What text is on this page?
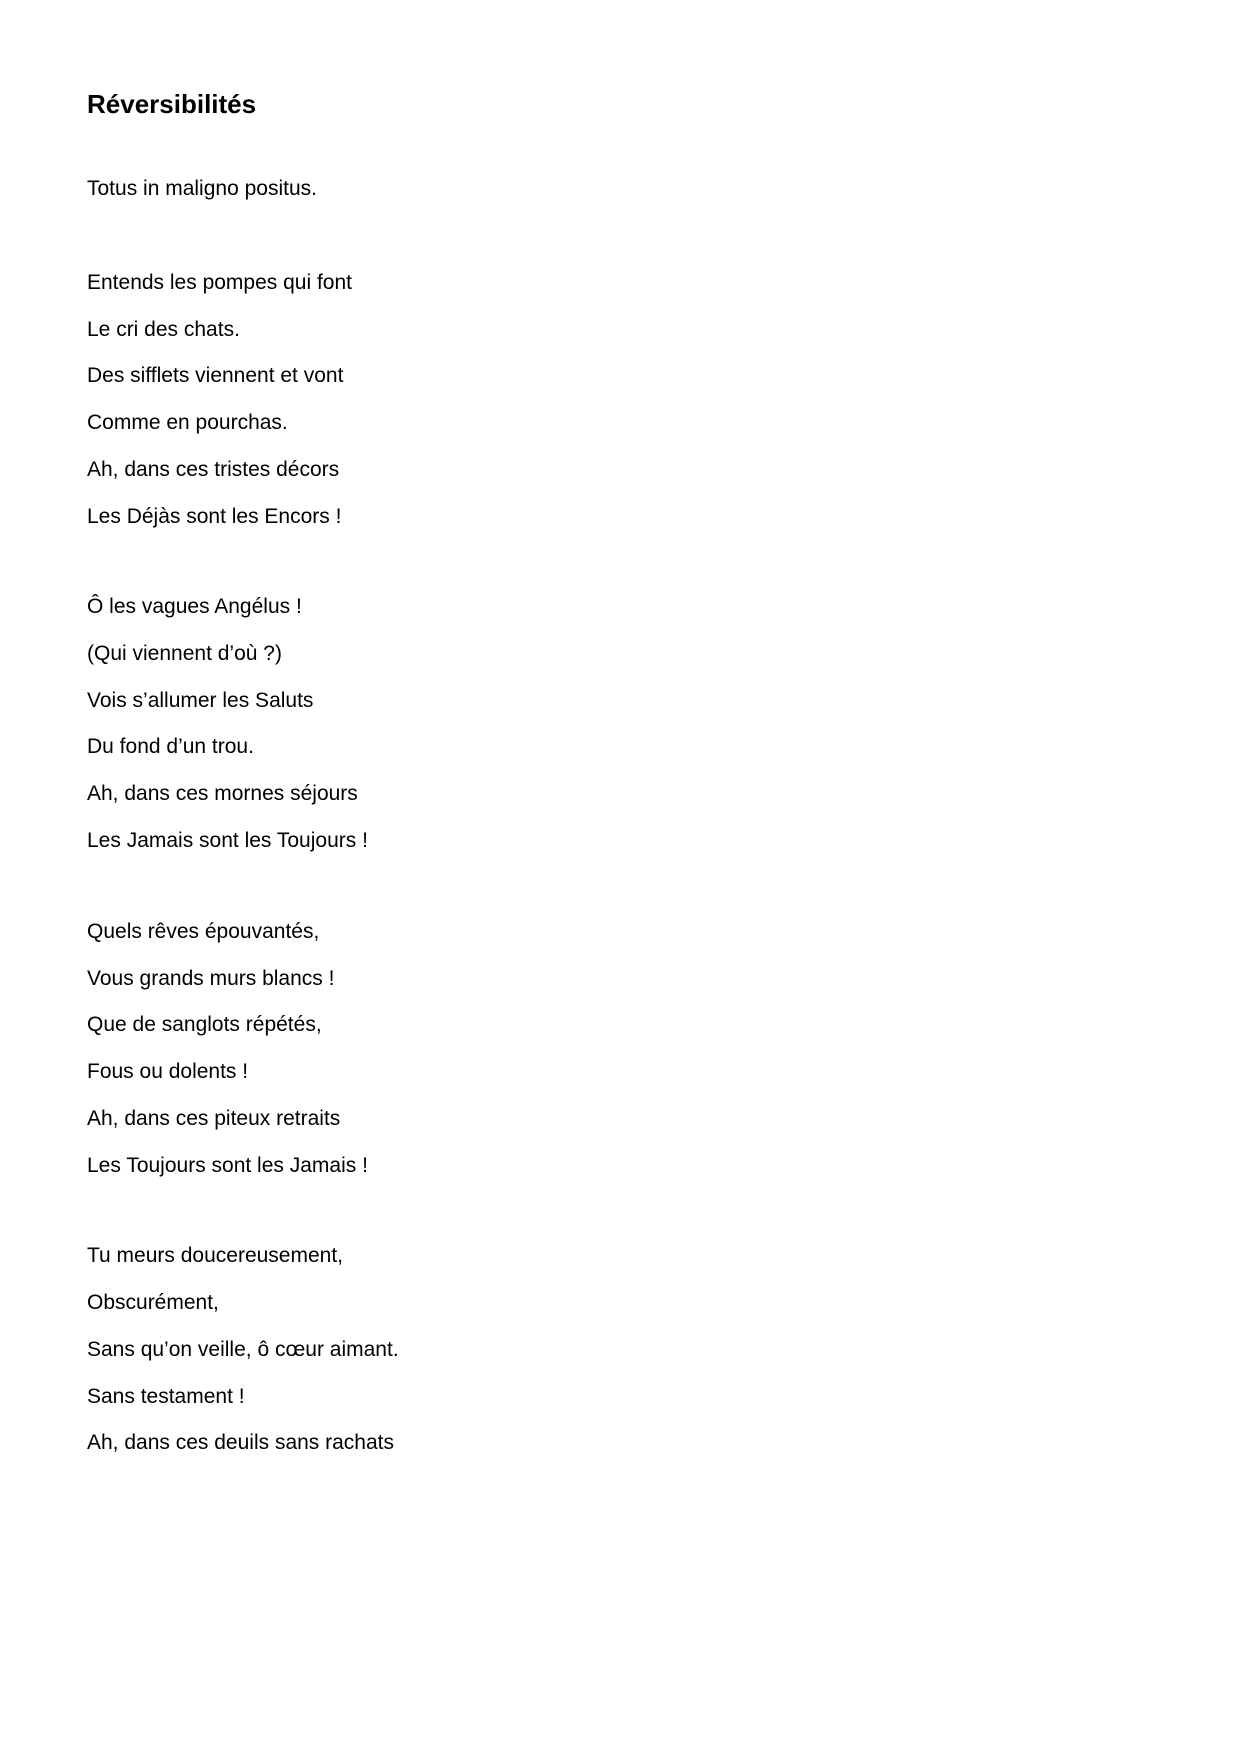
Réversibilités
Totus in maligno positus.
Entends les pompes qui font
Le cri des chats.
Des sifflets viennent et vont
Comme en pourchas.
Ah, dans ces tristes décors
Les Déjàs sont les Encors !
Ô les vagues Angélus !
(Qui viennent d’où ?)
Vois s’allumer les Saluts
Du fond d’un trou.
Ah, dans ces mornes séjours
Les Jamais sont les Toujours !
Quels rêves épouvantés,
Vous grands murs blancs !
Que de sanglots répétés,
Fous ou dolents !
Ah, dans ces piteux retraits
Les Toujours sont les Jamais !
Tu meurs doucereusement,
Obscurément,
Sans qu’on veille, ô cœur aimant.
Sans testament !
Ah, dans ces deuils sans rachats
